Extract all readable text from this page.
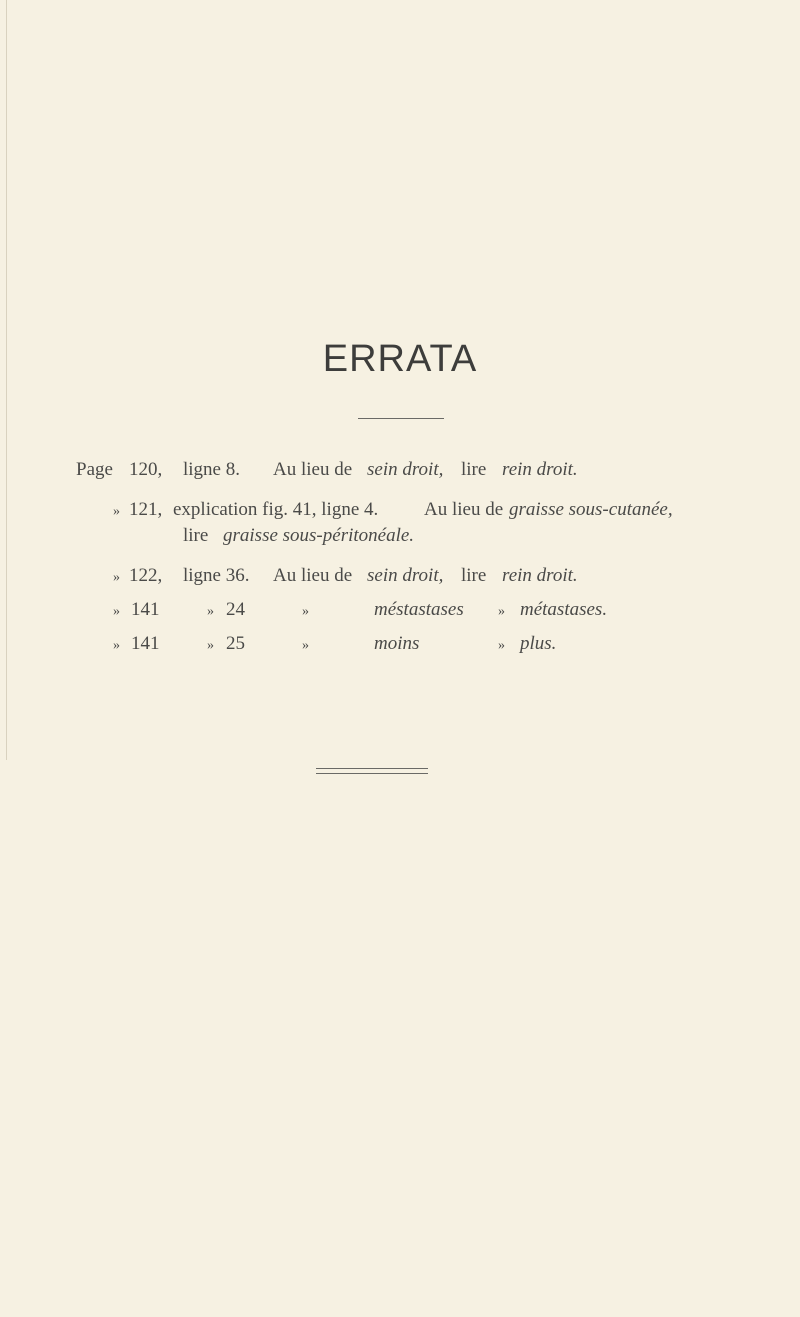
ERRATA
Page 120, ligne 8. Au lieu de sein droit, lire rein droit.
» 121, explication fig. 41, ligne 4. Au lieu de graisse sous-cutanée,
lire graisse sous-péritonéale.
» 122, ligne 36. Au lieu de sein droit, lire rein droit.
» 141	» 24	»	méstastases » métastases.
» 141	» 25	»	moins	» plus.
